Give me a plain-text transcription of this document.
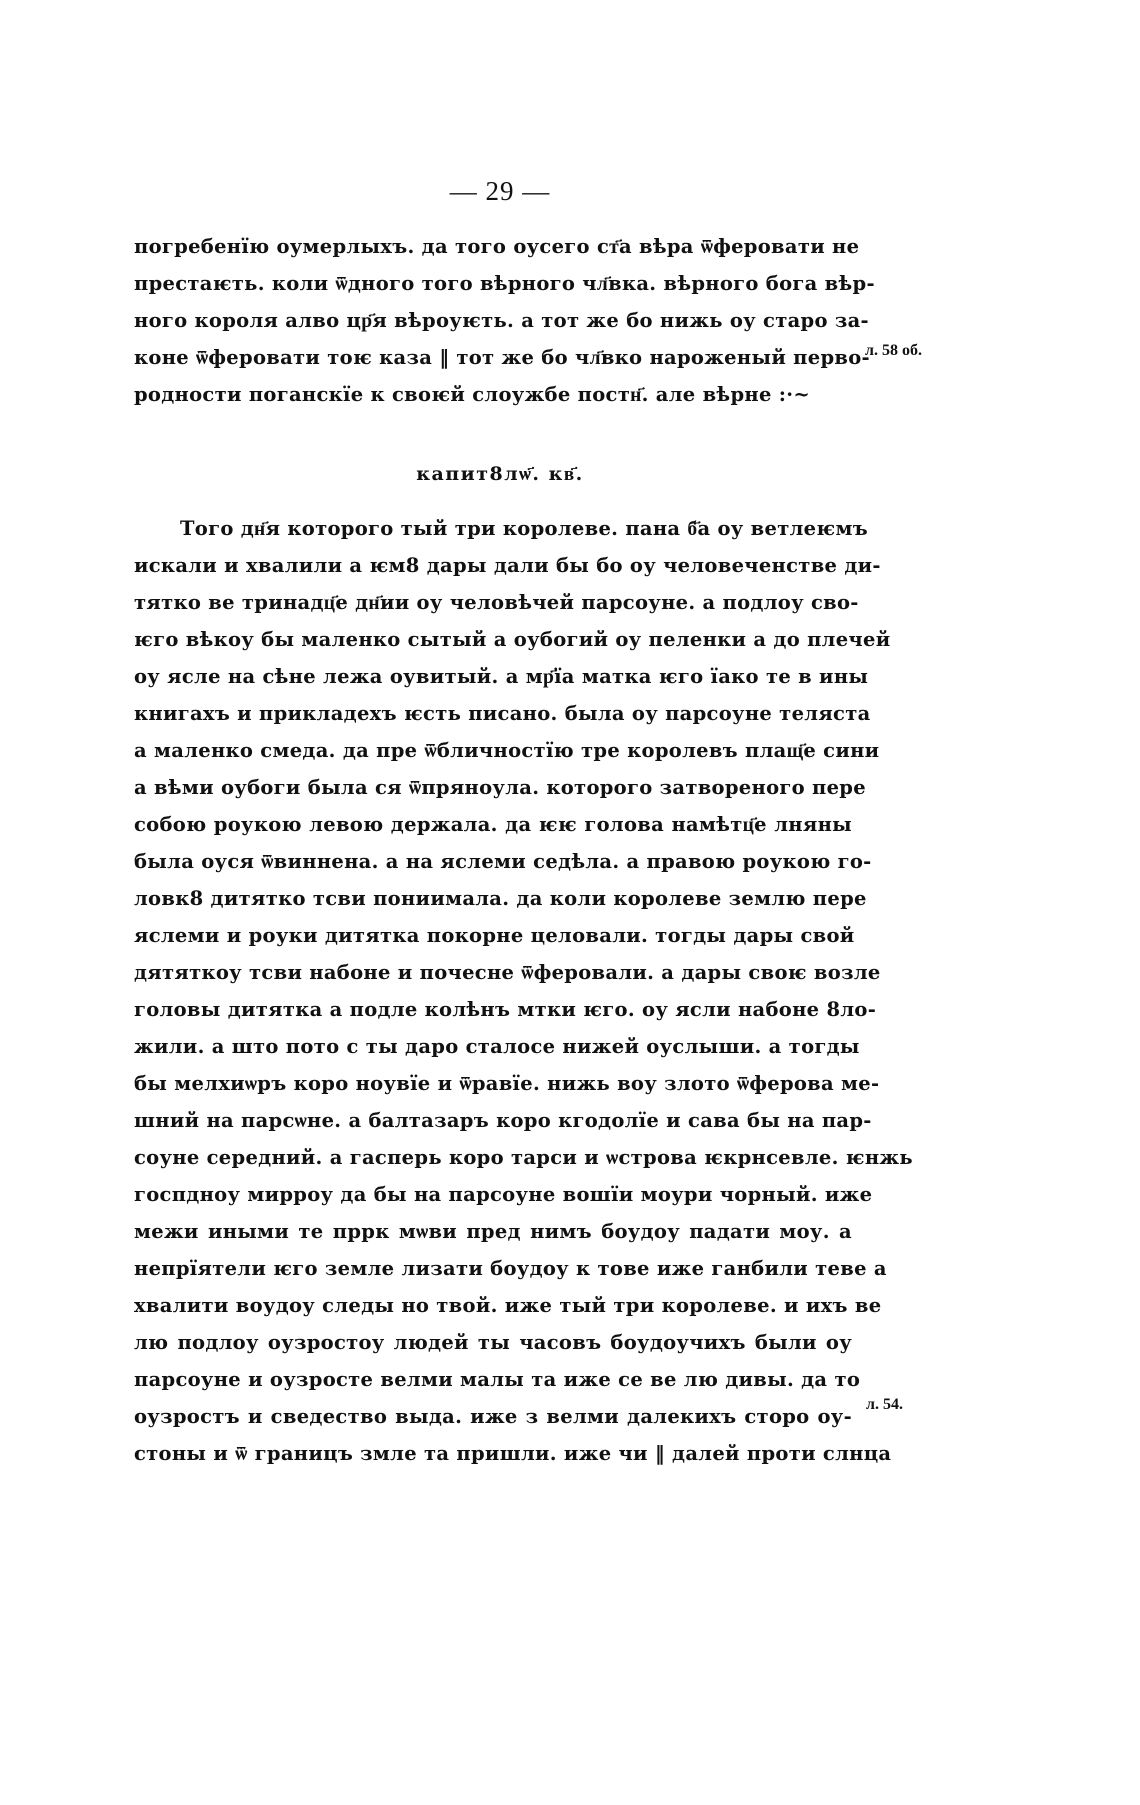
— 29 —
погребенїю оумерлыхъ. да того оусего ст҃а вѣра ѿферовати не
престаѥть. коли ѿдного того вѣрного чл҃вка. вѣрного бога вѣр-
ного короля алво цр҃я вѣроуѥть. а тот же бо нижь оу старо за-
коне ѿферовати тоѥ каза ‖ тот же бо чл҃вко нароженый перво-
родности поганскїе к своѥй слоужбе постн҃. але вѣрне :·~
л. 58 об.
капит8лѡ҃. кв҃.
Того дн҃я которого тый три королеве. пана б҃а оу ветлеѥмъ
искали и хвалили а ѥм8 дары дали бы бо оу человеченстве ди-
тятко ве тринадц҃е дн҃ии оу человѣчей парсоуне. а подлоу сво-
ѥго вѣкоу бы маленко сытый а оубогий оу пеленки а до плечей
оу ясле на сѣне лежа оувитый. а мр҃їа матка ѥго їако те в ины
книгахъ и прикладехъ ѥсть писано. была оу парсоуне теляста
а маленко смеда. да пре ѿбличностїю тре королевъ плащ҃е сини
а вѣми оубоги была ся ѿпряноула. которого затвореного пере
собою роукою левою держала. да ѥѥ голова намѣтц҃е лняны
была оуся ѿвиннена. а на яслеми седѣла. а правою роукою го-
ловк8 дитятко тсви пониимала. да коли королеве землю пере
яслеми и роуки дитятка покорне целовали. тогды дары свой
дятяткоу тсви набоне и почесне ѿферовали. а дары своѥ возле
головы дитятка а подле колѣнъ мтки ѥго. оу ясли набоне 8ло-
жили. а што пото с ты даро сталосе нижей оуслыши. а тогды
бы мелхиѡръ коро ноувїе и ѿравїе. нижь воу злото ѿферова ме-
шний на парсѡне. а балтазаръ коро кгодолїе и сава бы на пар-
соуне середний. а гасперь коро тарси и ѡстрова ѥкрнсевле. ѥнжь
госпдноу мирроу да бы на парсоуне вошїи моури чорный. иже
межи иными те пррк мѡви пред нимъ боудоу падати моу. а
непрїятели ѥго земле лизати боудоу к тове иже ганбили теве а
хвалити воудоу следы но твой. иже тый три королеве. и ихъ ве
лю подлоу оузростоу людей ты часовъ боудоучихъ были оу
парсоуне и оузросте велми малы та иже се ве лю дивы. да то
оузростъ и сведество выда. иже з велми далекихъ сторо оу-
стоны и ѿ границъ змле та пришли. иже чи ‖ далей проти слнца
л. 54.
